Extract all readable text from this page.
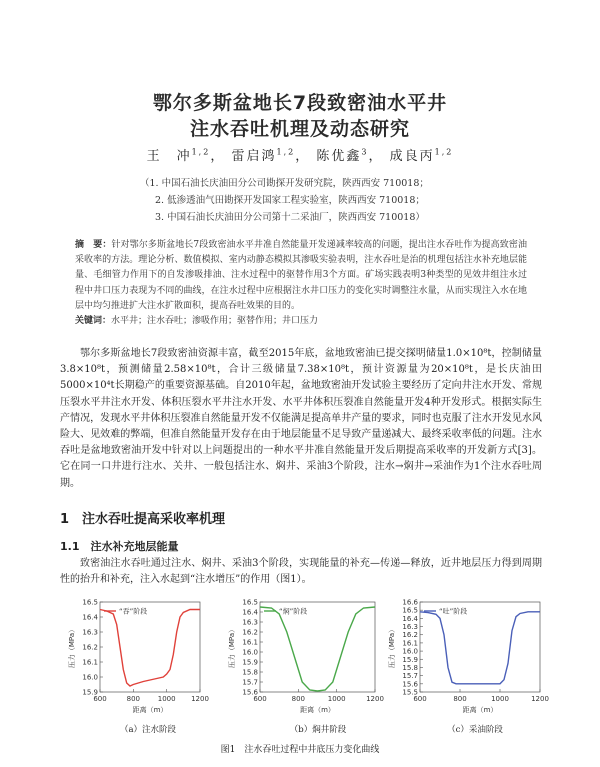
鄂尔多斯盆地长7段致密油水平井
注水吞吐机理及动态研究
王　冲$^{1,2}$， 雷启鸿$^{1,2}$， 陈优鑫$^3$， 成良丙$^{1,2}$
（1. 中国石油长庆油田分公司勘探开发研究院，陕西西安 710018；
2. 低渗透油气田勘探开发国家工程实验室，陕西西安 710018；
3. 中国石油长庆油田分公司第十二采油厂，陕西西安 710018）
摘　要：针对鄂尔多斯盆地长7段致密油水平井准自然能量开发递减率较高的问题，提出注水吞吐作为提高致密油采收率的方法。理论分析、数值模拟、室内动静态模拟其渗吸实验表明，注水吞吐是治的机理包括注水补充地层能量、毛细管力作用下的自发渗吸排油、注水过程中的驱替作用3个方面。矿场实践表明3种类型的见效井组注水过程中井口压力表现为不同的曲线，在注水过程中应根据注水井口压力的变化实时调整注水量，从而实现注入水在地层中均匀推进扩大注水扩散面积，提高吞吐效果的目的。
关键词：水平井；注水吞吐；渗吸作用；驱替作用；井口压力
鄂尔多斯盆地长7段致密油资源丰富，截至2015年底，盆地致密油已提交探明储量1.0×10⁸t，控制储量3.8×10⁸t，预测储量2.58×10⁸t，合计三级储量7.38×10⁸t，预计资源量为20×10⁸t，是长庆油田5000×10⁴t长期稳产的重要资源基础。自2010年起，盆地致密油开发试验主要经历了定向井注水开发、常规压裂水平井注水开发、体积压裂水平井注水开发、水平井体积压裂准自然能量开发4种开发形式。根据实际生产情况，发现水平井体积压裂准自然能量开发不仅能满足提高单井产量的要求，同时也克服了注水开发见水风险大、见效难的弊端，但准自然能量开发存在由于地层能量不足导致产量递减大、最终采收率低的问题。注水吞吐是盆地致密油开发中针对以上问题提出的一种水平井准自然能量开发后期提高采收率的开发新方式[3]。它在同一口井进行注水、关井、一般包括注水、焖井、采油3个阶段，注水→焖井→采油作为1个注水吞吐周期。
1　注水吞吐提高采收率机理
1.1　注水补充地层能量
致密油注水吞吐通过注水、焖井、采油3个阶段，实现能量的补充—传递—释放，近井地层压力得到周期性的抬升和补充，注入水起到“注水增压”的作用（图1）。
15.9
16.0
16.1
16.2
16.3
16.4
16.5
600	800	1000 1200
距离（m）
压力（MPa）
“吞”阶段
15.6
15.7
15.8
15.9
16.0
16.1
16.2
16.3
16.4
16.5
600	800	1000	1200
距离（m）
压力（MPa）
“焖”阶段
15.5
15.6
15.7
15.8
15.9
16.0
16.1
16.2
16.3
16.4
16.5
16.6
600	800	1000	1200
距离（m）
压力（MPa）
“吐”阶段
（a）注水阶段	（b）焖井阶段	（c）采油阶段
图1　注水吞吐过程中井底压力变化曲线
